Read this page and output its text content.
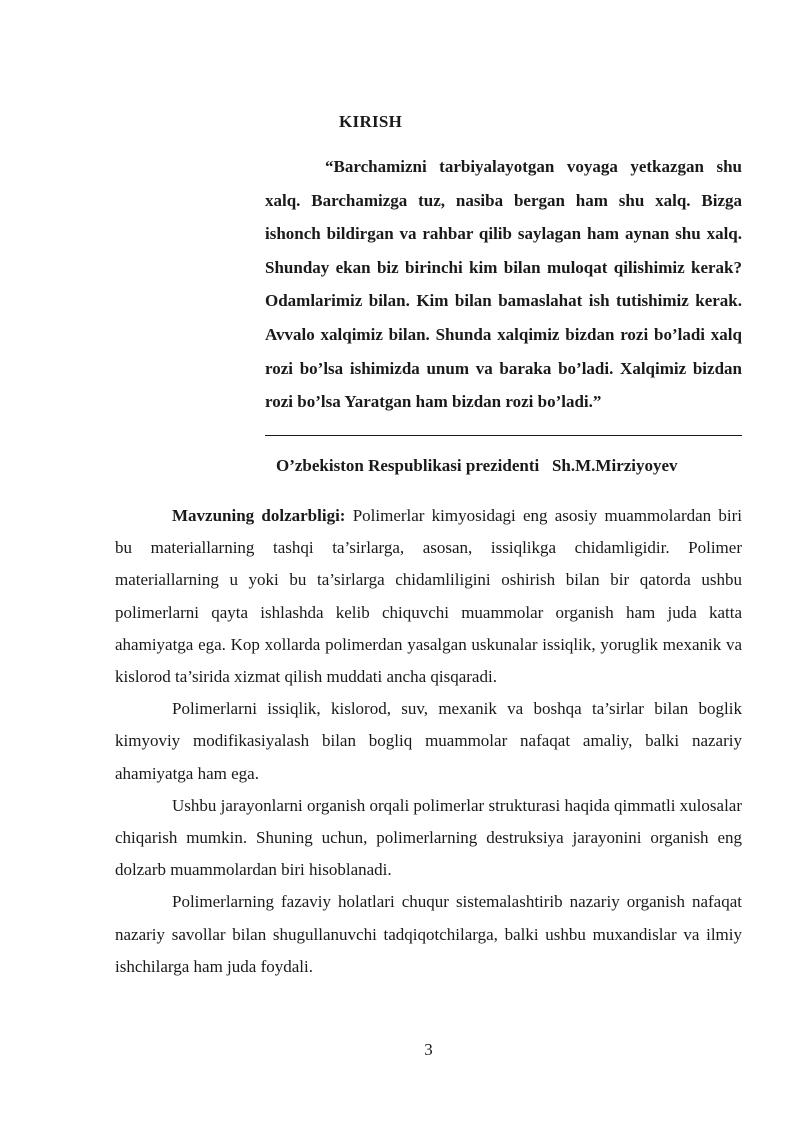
KIRISH

“Barchamizni tarbiyalayotgan voyaga yetkazgan shu xalq. Barchamizga tuz, nasiba bergan ham shu xalq. Bizga ishonch bildirgan va rahbar qilib saylagan ham aynan shu xalq. Shunday ekan biz birinchi kim bilan muloqat qilishimiz kerak? Odamlarimiz bilan. Kim bilan bamaslahat ish tutishimiz kerak. Avvalo xalqimiz bilan. Shunda xalqimiz bizdan rozi bo’ladi xalq rozi bo’lsa ishimizda unum va baraka bo’ladi. Xalqimiz bizdan rozi bo’lsa Yaratgan ham bizdan rozi bo’ladi.”

O’zbekiston Respublikasi prezidenti   Sh.M.Mirziyoyev

Mavzuning dolzarbligi: Polimerlar kimyosidagi eng asosiy muammolardan biri bu materiallarning tashqi ta’sirlarga, asosan, issiqlikga chidamligidir. Polimer materiallarning u yoki bu ta’sirlarga chidamliligini oshirish bilan bir qatorda ushbu polimerlarni qayta ishlashda kelib chiquvchi muammolar organish ham juda katta ahamiyatga ega. Kop xollarda polimerdan yasalgan uskunalar issiqlik, yoruglik mexanik va kislorod ta’sirida xizmat qilish muddati ancha qisqaradi.

Polimerlarni issiqlik, kislorod, suv, mexanik va boshqa ta’sirlar bilan boglik kimyoviy modifikasiyalash bilan bogliq muammolar nafaqat amaliy, balki nazariy ahamiyatga ham ega.

Ushbu jarayonlarni organish orqali polimerlar strukturasi haqida qimmatli xulosalar chiqarish mumkin. Shuning uchun, polimerlarning destruksiya jarayonini organish eng dolzarb muammolardan biri hisoblanadi.

Polimerlarning fazaviy holatlari chuqur sistemalashtirib nazariy organish nafaqat nazariy savollar bilan shugullanuvchi tadqiqotchilarga, balki ushbu muxandislar va ilmiy ishchilarga ham juda foydali.

3
